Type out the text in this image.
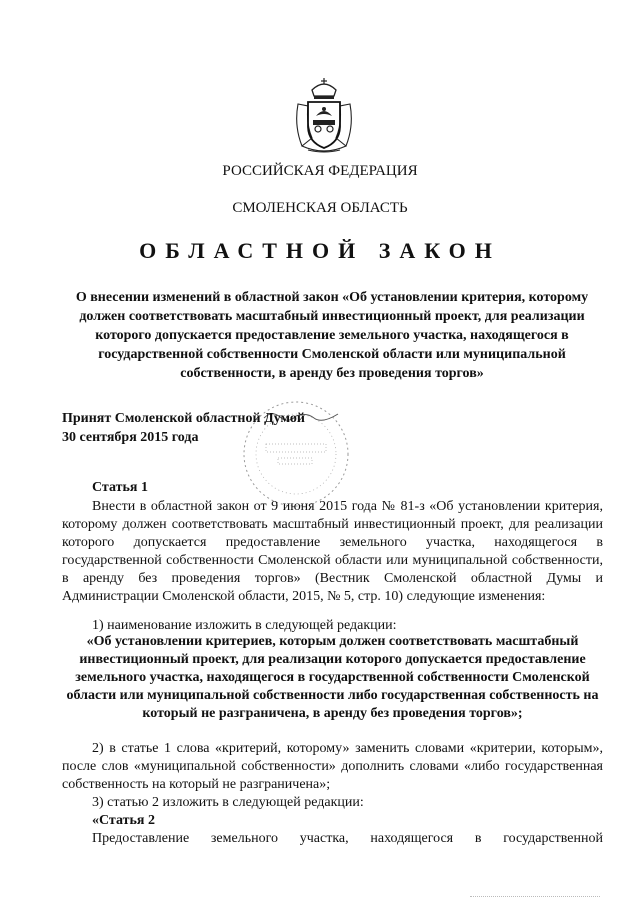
РОССИЙСКАЯ ФЕДЕРАЦИЯ
СМОЛЕНСКАЯ ОБЛАСТЬ
ОБЛАСТНОЙ ЗАКОН
О внесении изменений в областной закон «Об установлении критерия, которому должен соответствовать масштабный инвестиционный проект, для реализации которого допускается предоставление земельного участка, находящегося в государственной собственности Смоленской области или муниципальной собственности, в аренду без проведения торгов»
Принят Смоленской областной Думой
30 сентября 2015 года
Статья 1
Внести в областной закон от 9 июня 2015 года № 81-з «Об установлении критерия, которому должен соответствовать масштабный инвестиционный проект, для реализации которого допускается предоставление земельного участка, находящегося в государственной собственности Смоленской области или муниципальной собственности, в аренду без проведения торгов» (Вестник Смоленской областной Думы и Администрации Смоленской области, 2015, № 5, стр. 10) следующие изменения:
1) наименование изложить в следующей редакции:
«Об установлении критериев, которым должен соответствовать масштабный инвестиционный проект, для реализации которого допускается предоставление земельного участка, находящегося в государственной собственности Смоленской области или муниципальной собственности либо государственная собственность на который не разграничена, в аренду без проведения торгов»;
2) в статье 1 слова «критерий, которому» заменить словами «критерии, которым», после слов «муниципальной собственности» дополнить словами «либо государственная собственность на который не разграничена»;
3) статью 2 изложить в следующей редакции:
«Статья 2
Предоставление земельного участка, находящегося в государственной
